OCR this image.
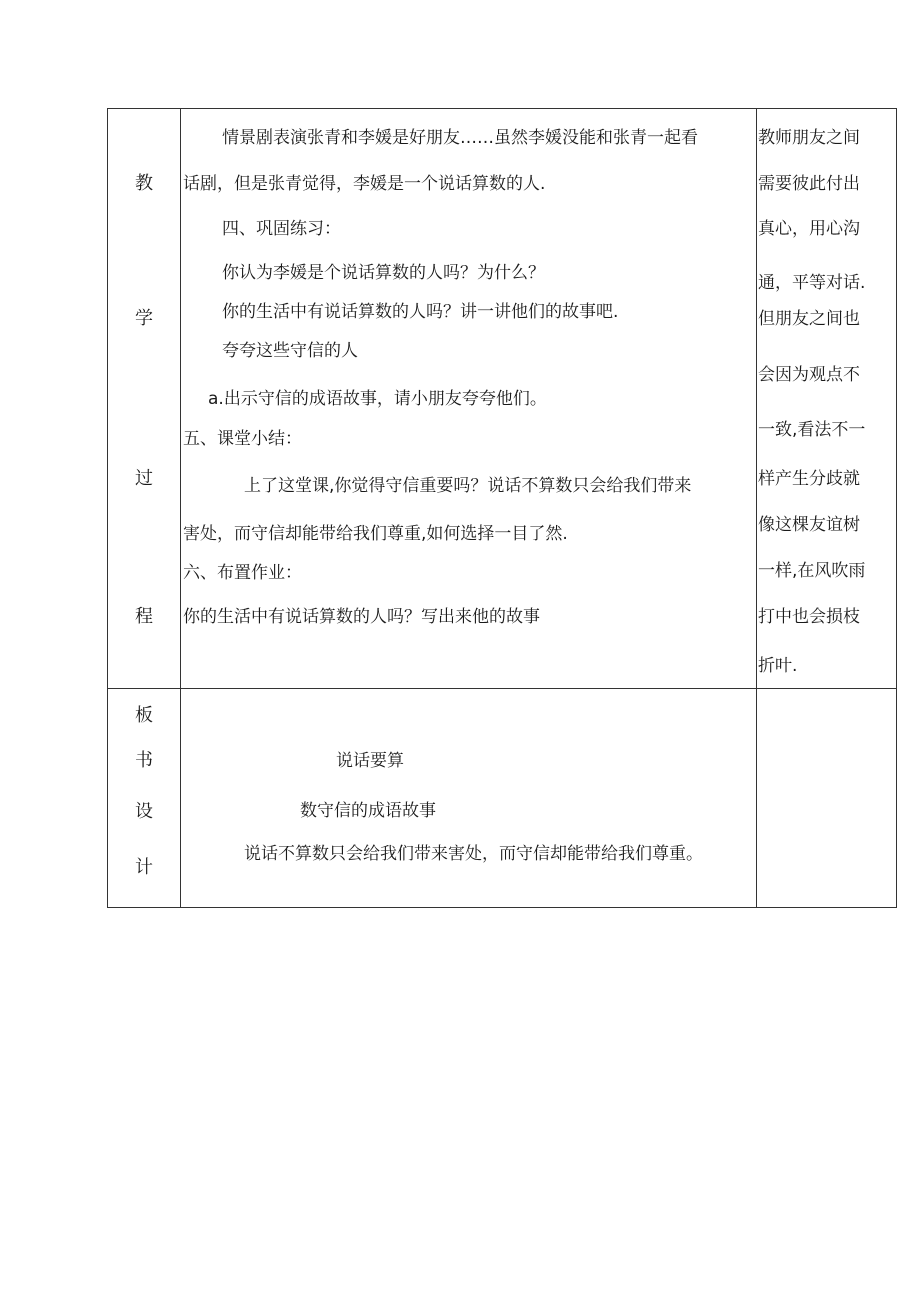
教
学
过
程
情景剧表演张青和李媛是好朋友……虽然李媛没能和张青一起看
话剧，但是张青觉得，李媛是一个说话算数的人.
四、巩固练习：
你认为李媛是个说话算数的人吗？为什么？
你的生活中有说话算数的人吗？讲一讲他们的故事吧.
夸夸这些守信的人
a.出示守信的成语故事，请小朋友夸夸他们。
五、课堂小结：
上了这堂课,你觉得守信重要吗？说话不算数只会给我们带来
害处，而守信却能带给我们尊重,如何选择一目了然.
六、布置作业：
你的生活中有说话算数的人吗？写出来他的故事
教师朋友之间
需要彼此付出
真心，用心沟
通，平等对话.
但朋友之间也
会因为观点不
一致,看法不一
样产生分歧就
像这棵友谊树
一样,在风吹雨
打中也会损枝
折叶.
板
书
设
计
说话要算
数守信的成语故事
说话不算数只会给我们带来害处，而守信却能带给我们尊重。
